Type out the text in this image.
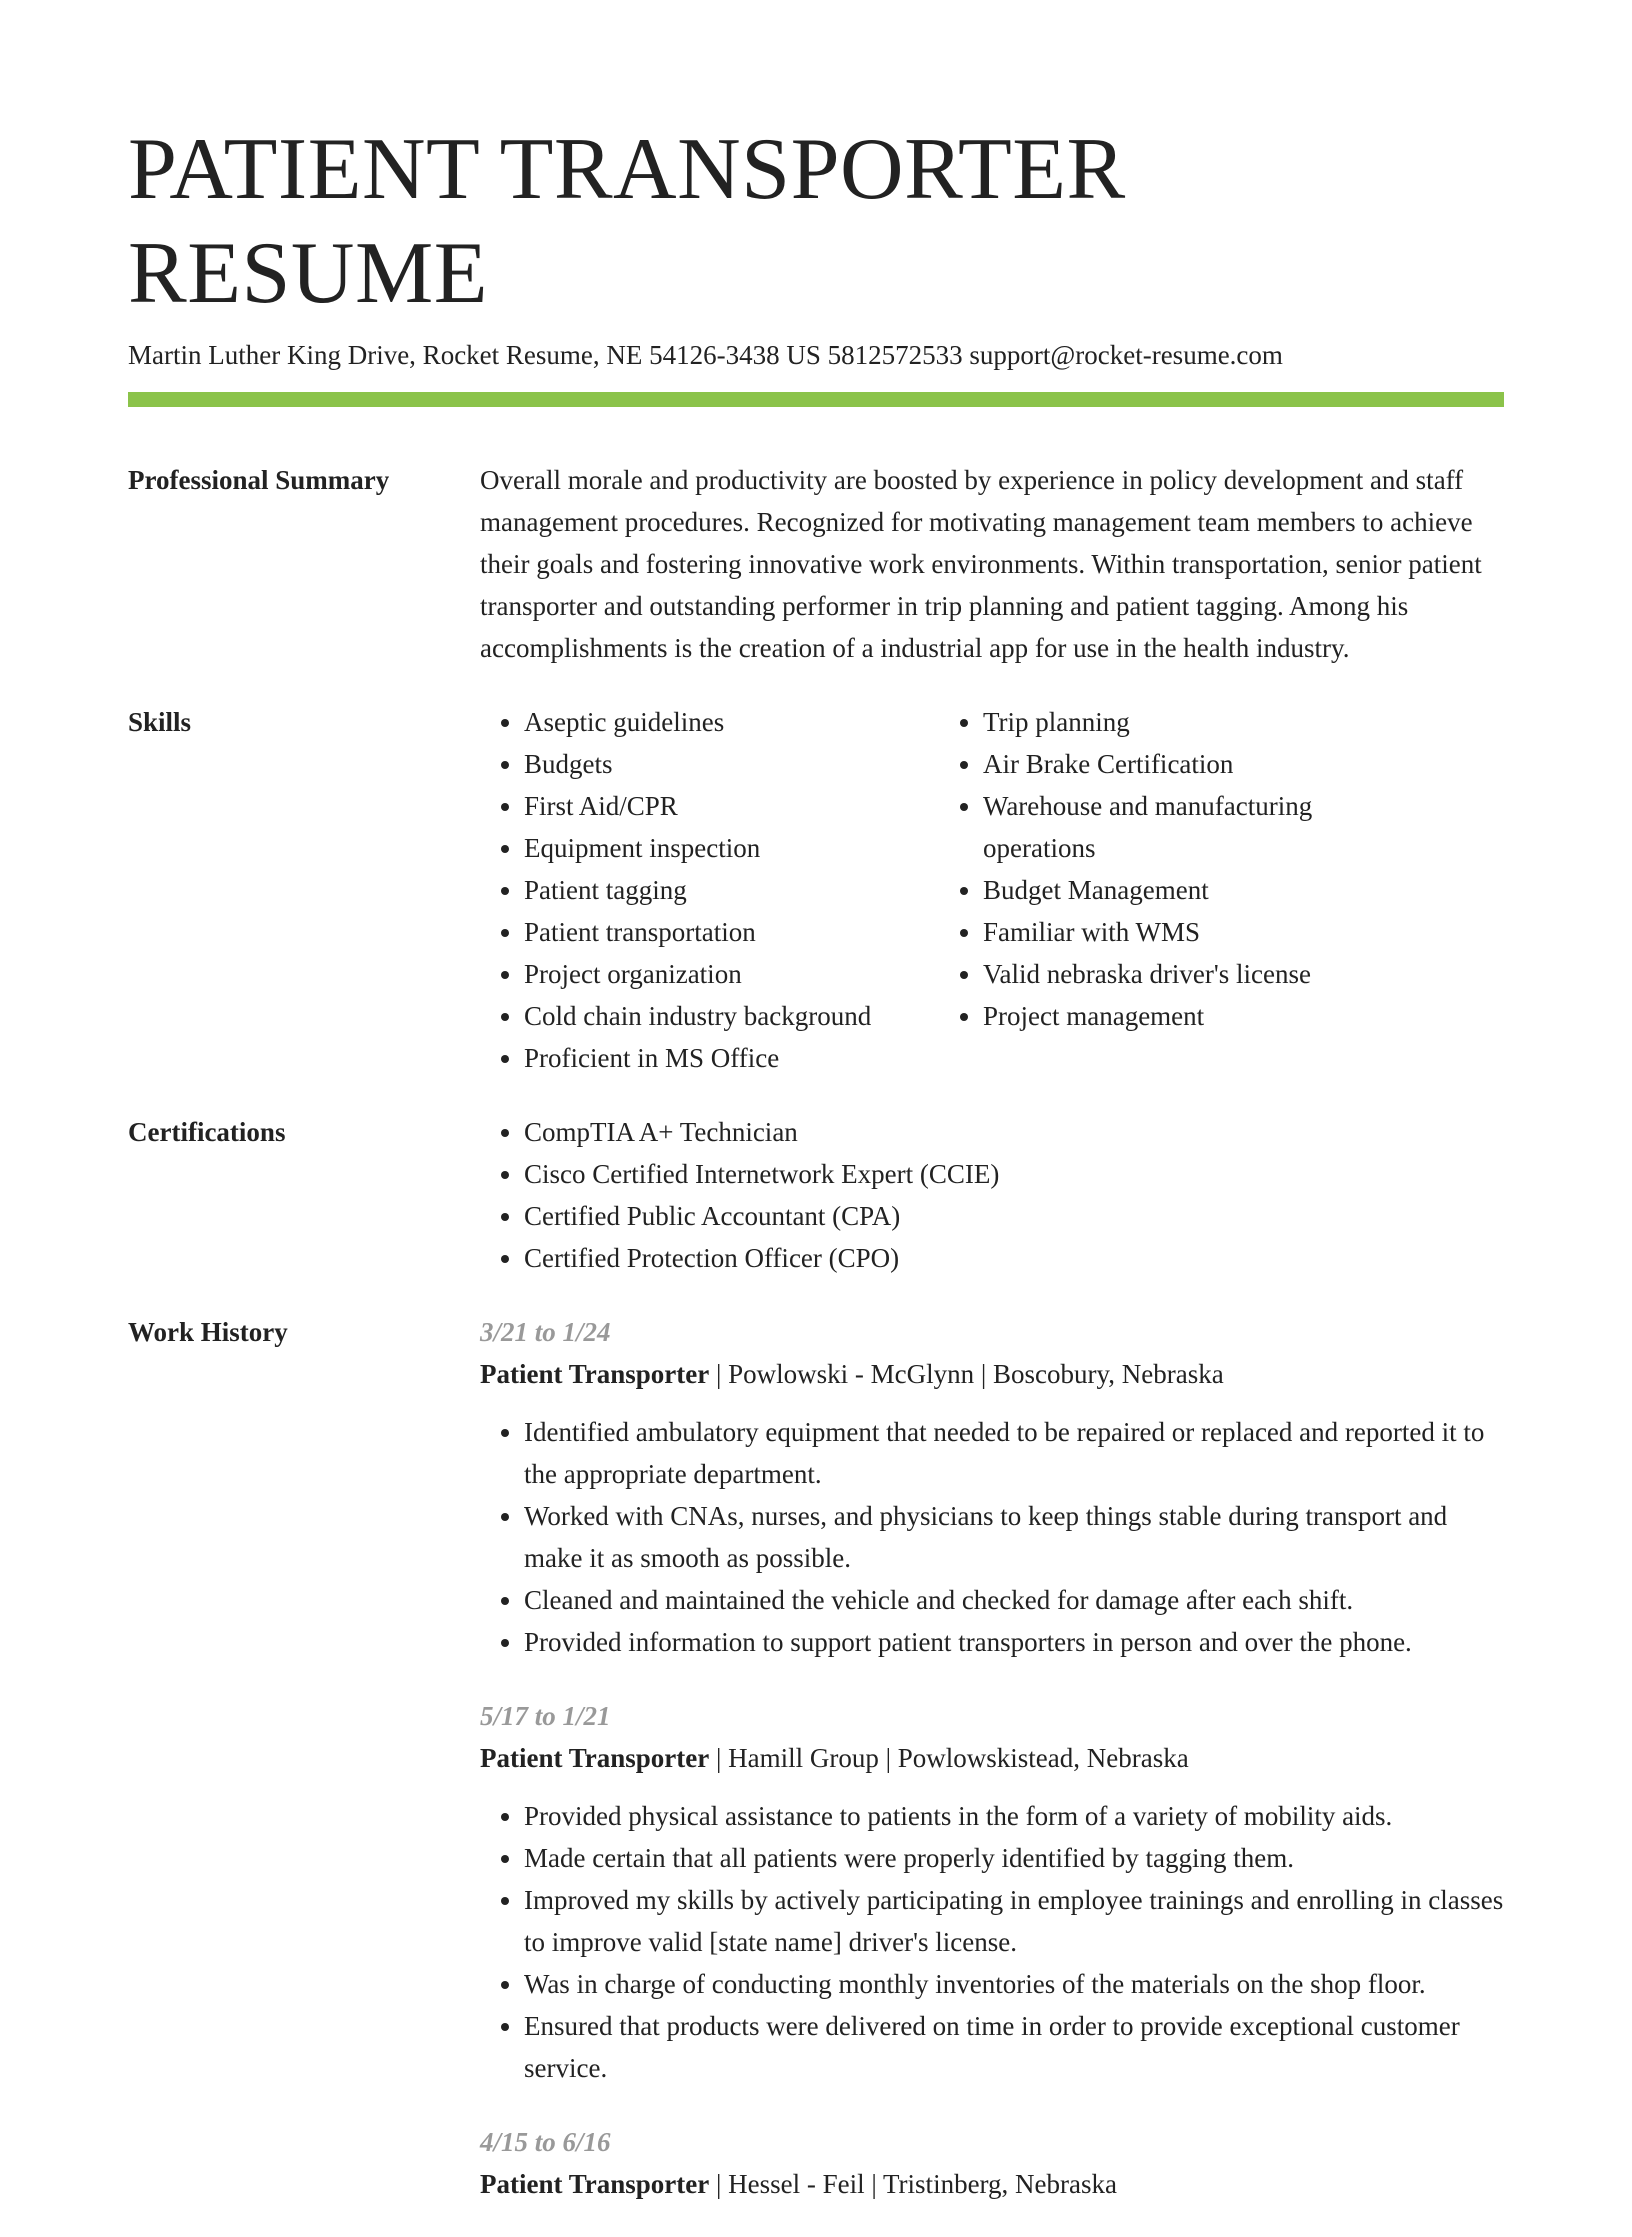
PATIENT TRANSPORTER RESUME
Martin Luther King Drive, Rocket Resume, NE 54126-3438 US 5812572533 support@rocket-resume.com
Professional Summary	Overall morale and productivity are boosted by experience in policy development and staff management procedures. Recognized for motivating management team members to achieve their goals and fostering innovative work environments. Within transportation, senior patient transporter and outstanding performer in trip planning and patient tagging. Among his accomplishments is the creation of a industrial app for use in the health industry.

Skills	• Aseptic guidelines
• Budgets
• First Aid/CPR
• Equipment inspection
• Patient tagging
• Patient transportation
• Project organization
• Cold chain industry background
• Proficient in MS Office
• Trip planning
• Air Brake Certification
• Warehouse and manufacturing operations
• Budget Management
• Familiar with WMS
• Valid nebraska driver's license
• Project management
Certifications	• CompTIA A+ Technician
• Cisco Certified Internetwork Expert (CCIE)
• Certified Public Accountant (CPA)
• Certified Protection Officer (CPO)
Work History	3/21 to 1/24
Patient Transporter | Powlowski - McGlynn | Boscobury, Nebraska
• Identified ambulatory equipment that needed to be repaired or replaced and reported it to the appropriate department.
• Worked with CNAs, nurses, and physicians to keep things stable during transport and make it as smooth as possible.
• Cleaned and maintained the vehicle and checked for damage after each shift.
• Provided information to support patient transporters in person and over the phone.
5/17 to 1/21
Patient Transporter | Hamill Group | Powlowskistead, Nebraska
• Provided physical assistance to patients in the form of a variety of mobility aids.
• Made certain that all patients were properly identified by tagging them.
• Improved my skills by actively participating in employee trainings and enrolling in classes to improve valid [state name] driver's license.
• Was in charge of conducting monthly inventories of the materials on the shop floor.
• Ensured that products were delivered on time in order to provide exceptional customer service.
4/15 to 6/16
Patient Transporter | Hessel - Feil | Tristinberg, Nebraska
